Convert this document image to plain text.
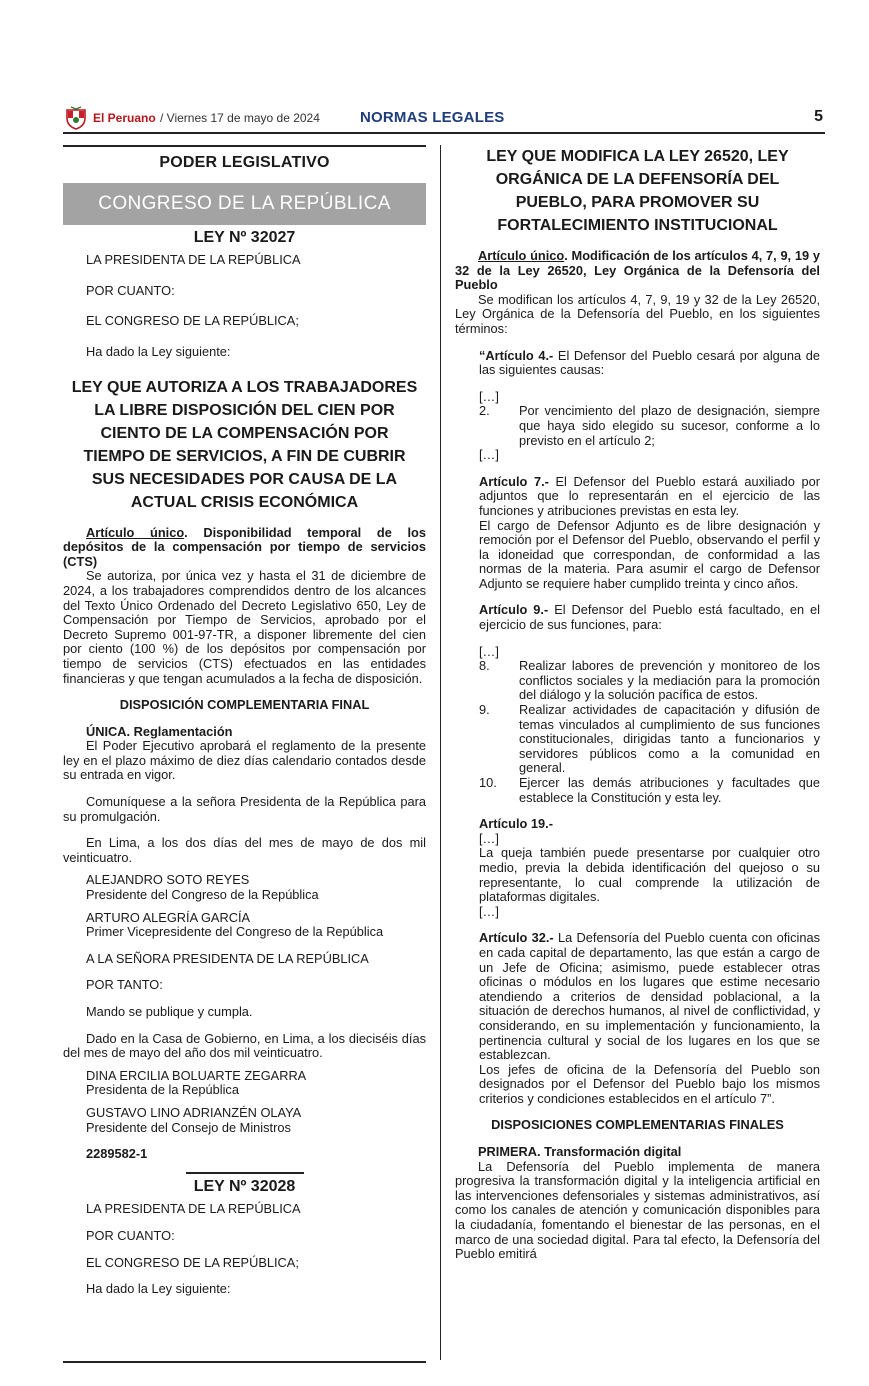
El Peruano / Viernes 17 de mayo de 2024	NORMAS LEGALES	5
PODER LEGISLATIVO
CONGRESO DE LA REPÚBLICA
LEY Nº 32027

LA PRESIDENTA DE LA REPÚBLICA

POR CUANTO:

EL CONGRESO DE LA REPÚBLICA;

Ha dado la Ley siguiente:

LEY QUE AUTORIZA A LOS TRABAJADORES LA LIBRE DISPOSICIÓN DEL CIEN POR CIENTO DE LA COMPENSACIÓN POR TIEMPO DE SERVICIOS, A FIN DE CUBRIR SUS NECESIDADES POR CAUSA DE LA ACTUAL CRISIS ECONÓMICA

Artículo único. Disponibilidad temporal de los depósitos de la compensación por tiempo de servicios (CTS)

Se autoriza, por única vez y hasta el 31 de diciembre de 2024, a los trabajadores comprendidos dentro de los alcances del Texto Único Ordenado del Decreto Legislativo 650, Ley de Compensación por Tiempo de Servicios, aprobado por el Decreto Supremo 001-97-TR, a disponer libremente del cien por ciento (100 %) de los depósitos por compensación por tiempo de servicios (CTS) efectuados en las entidades financieras y que tengan acumulados a la fecha de disposición.

DISPOSICIÓN COMPLEMENTARIA FINAL

ÚNICA. Reglamentación

El Poder Ejecutivo aprobará el reglamento de la presente ley en el plazo máximo de diez días calendario contados desde su entrada en vigor.

Comuníquese a la señora Presidenta de la República para su promulgación.

En Lima, a los dos días del mes de mayo de dos mil veinticuatro.

ALEJANDRO SOTO REYES

Presidente del Congreso de la República

ARTURO ALEGRÍA GARCÍA

Primer Vicepresidente del Congreso de la República

A LA SEÑORA PRESIDENTA DE LA REPÚBLICA

POR TANTO:

Mando se publique y cumpla.

Dado en la Casa de Gobierno, en Lima, a los dieciséis días del mes de mayo del año dos mil veinticuatro.

DINA ERCILIA BOLUARTE ZEGARRA

Presidenta de la República

GUSTAVO LINO ADRIANZÉN OLAYA

Presidente del Consejo de Ministros

2289582-1

LEY Nº 32028

LA PRESIDENTA DE LA REPÚBLICA

POR CUANTO:

EL CONGRESO DE LA REPÚBLICA;

Ha dado la Ley siguiente:

LEY QUE MODIFICA LA LEY 26520, LEY ORGÁNICA DE LA DEFENSORÍA DEL PUEBLO, PARA PROMOVER SU FORTALECIMIENTO INSTITUCIONAL

Artículo único. Modificación de los artículos 4, 7, 9, 19 y 32 de la Ley 26520, Ley Orgánica de la Defensoría del Pueblo

Se modifican los artículos 4, 7, 9, 19 y 32 de la Ley 26520, Ley Orgánica de la Defensoría del Pueblo, en los siguientes términos:

“Artículo 4.- El Defensor del Pueblo cesará por alguna de las siguientes causas:

[…]

2.	Por vencimiento del plazo de designación, siempre que haya sido elegido su sucesor, conforme a lo previsto en el artículo 2;

[…]

Artículo 7.- El Defensor del Pueblo estará auxiliado por adjuntos que lo representarán en el ejercicio de las funciones y atribuciones previstas en esta ley.

El cargo de Defensor Adjunto es de libre designación y remoción por el Defensor del Pueblo, observando el perfil y la idoneidad que correspondan, de conformidad a las normas de la materia. Para asumir el cargo de Defensor Adjunto se requiere haber cumplido treinta y cinco años.

Artículo 9.- El Defensor del Pueblo está facultado, en el ejercicio de sus funciones, para:

[…]

8.	Realizar labores de prevención y monitoreo de los conflictos sociales y la mediación para la promoción del diálogo y la solución pacífica de estos.
9.	Realizar actividades de capacitación y difusión de temas vinculados al cumplimiento de sus funciones constitucionales, dirigidas tanto a funcionarios y servidores públicos como a la comunidad en general.
10.	Ejercer las demás atribuciones y facultades que establece la Constitución y esta ley.

Artículo 19.-

[…]

La queja también puede presentarse por cualquier otro medio, previa la debida identificación del quejoso o su representante, lo cual comprende la utilización de plataformas digitales.

[…]

Artículo 32.- La Defensoría del Pueblo cuenta con oficinas en cada capital de departamento, las que están a cargo de un Jefe de Oficina; asimismo, puede establecer otras oficinas o módulos en los lugares que estime necesario atendiendo a criterios de densidad poblacional, a la situación de derechos humanos, al nivel de conflictividad, y considerando, en su implementación y funcionamiento, la pertinencia cultural y social de los lugares en los que se establezcan.

Los jefes de oficina de la Defensoría del Pueblo son designados por el Defensor del Pueblo bajo los mismos criterios y condiciones establecidos en el artículo 7”.

DISPOSICIONES COMPLEMENTARIAS FINALES

PRIMERA. Transformación digital

La Defensoría del Pueblo implementa de manera progresiva la transformación digital y la inteligencia artificial en las intervenciones defensoriales y sistemas administrativos, así como los canales de atención y comunicación disponibles para la ciudadanía, fomentando el bienestar de las personas, en el marco de una sociedad digital. Para tal efecto, la Defensoría del Pueblo emitirá
